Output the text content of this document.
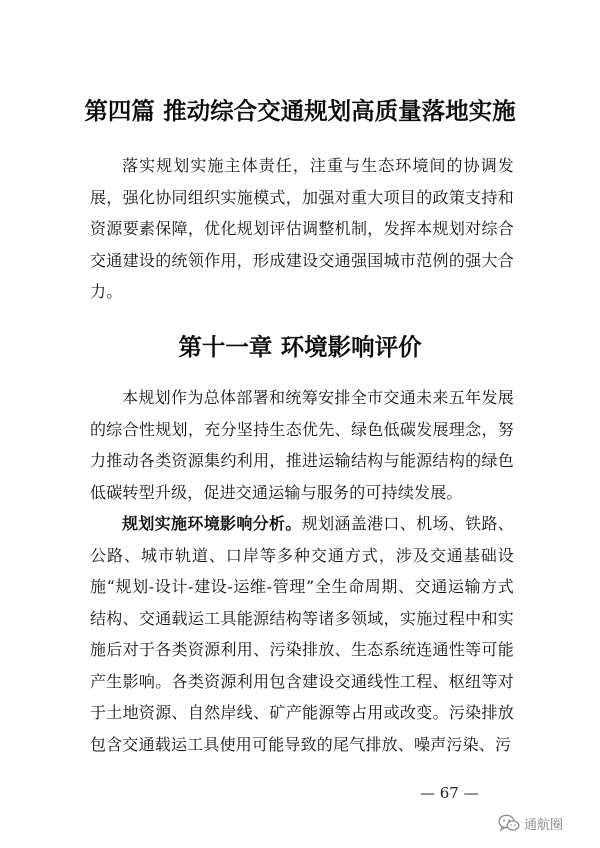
第四篇 推动综合交通规划高质量落地实施

落实规划实施主体责任，注重与生态环境间的协调发展，强化协同组织实施模式，加强对重大项目的政策支持和资源要素保障，优化规划评估调整机制，发挥本规划对综合交通建设的统领作用，形成建设交通强国城市范例的强大合力。

第十一章 环境影响评价

本规划作为总体部署和统筹安排全市交通未来五年发展的综合性规划，充分坚持生态优先、绿色低碳发展理念，努力推动各类资源集约利用，推进运输结构与能源结构的绿色低碳转型升级，促进交通运输与服务的可持续发展。

规划实施环境影响分析。规划涵盖港口、机场、铁路、公路、城市轨道、口岸等多种交通方式，涉及交通基础设施“规划-设计-建设-运维-管理”全生命周期、交通运输方式结构、交通载运工具能源结构等诸多领域，实施过程中和实施后对于各类资源利用、污染排放、生态系统连通性等可能产生影响。各类资源利用包含建设交通线性工程、枢纽等对于土地资源、自然岸线、矿产能源等占用或改变。污染排放包含交通载运工具使用可能导致的尾气排放、噪声污染、污

— 67 —
通航圈
